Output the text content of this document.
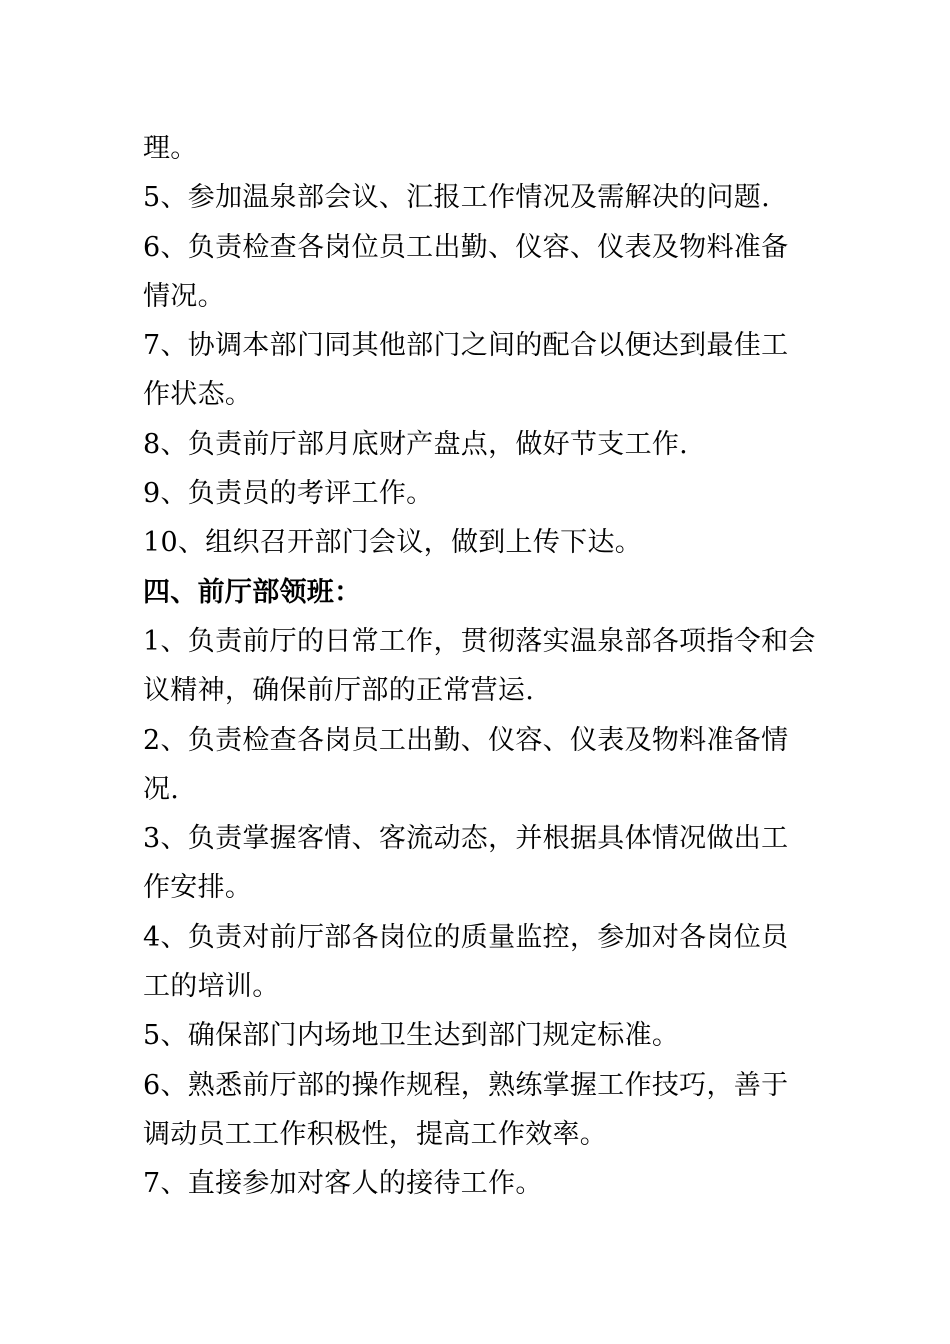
理。
5、参加温泉部会议、汇报工作情况及需解决的问题.
6、负责检查各岗位员工出勤、仪容、仪表及物料准备
情况。
7、协调本部门同其他部门之间的配合以便达到最佳工
作状态。
8、负责前厅部月底财产盘点，做好节支工作.
9、负责员的考评工作。
10、组织召开部门会议，做到上传下达。
四、前厅部领班：
1、负责前厅的日常工作，贯彻落实温泉部各项指令和会
议精神，确保前厅部的正常营运.
2、负责检查各岗员工出勤、仪容、仪表及物料准备情
况.
3、负责掌握客情、客流动态，并根据具体情况做出工
作安排。
4、负责对前厅部各岗位的质量监控，参加对各岗位员
工的培训。
5、确保部门内场地卫生达到部门规定标准。
6、熟悉前厅部的操作规程，熟练掌握工作技巧，善于
调动员工工作积极性，提高工作效率。
7、直接参加对客人的接待工作。
